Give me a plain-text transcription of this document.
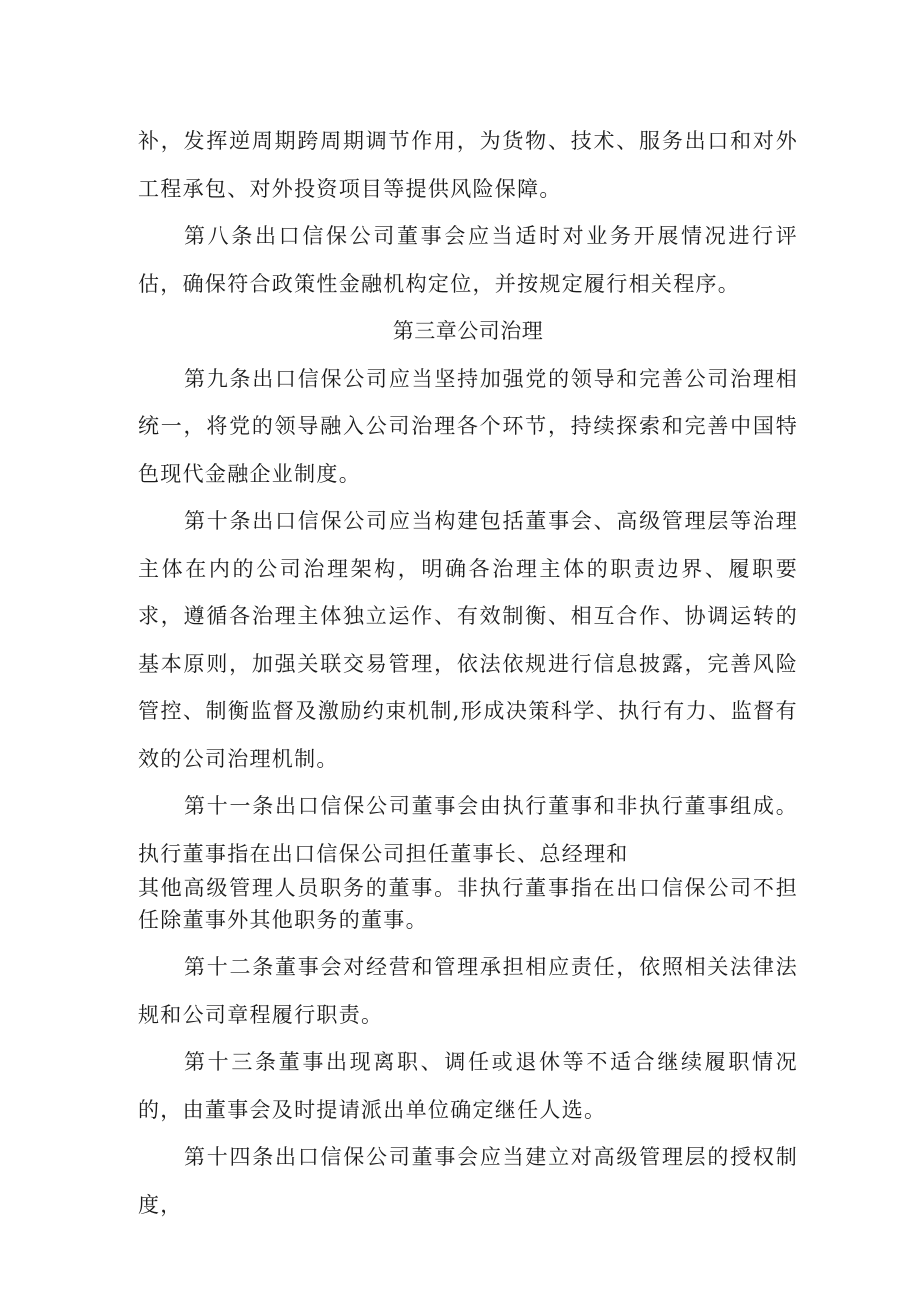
补，发挥逆周期跨周期调节作用，为货物、技术、服务出口和对外工程承包、对外投资项目等提供风险保障。

第八条出口信保公司董事会应当适时对业务开展情况进行评估，确保符合政策性金融机构定位，并按规定履行相关程序。

第三章公司治理

第九条出口信保公司应当坚持加强党的领导和完善公司治理相统一，将党的领导融入公司治理各个环节，持续探索和完善中国特色现代金融企业制度。

第十条出口信保公司应当构建包括董事会、高级管理层等治理主体在内的公司治理架构，明确各治理主体的职责边界、履职要求，遵循各治理主体独立运作、有效制衡、相互合作、协调运转的基本原则，加强关联交易管理，依法依规进行信息披露，完善风险管控、制衡监督及激励约束机制,形成决策科学、执行有力、监督有效的公司治理机制。

第十一条出口信保公司董事会由执行董事和非执行董事组成。执行董事指在出口信保公司担任董事长、总经理和

其他高级管理人员职务的董事。非执行董事指在出口信保公司不担任除董事外其他职务的董事。

第十二条董事会对经营和管理承担相应责任，依照相关法律法规和公司章程履行职责。

第十三条董事出现离职、调任或退休等不适合继续履职情况的，由董事会及时提请派出单位确定继任人选。

第十四条出口信保公司董事会应当建立对高级管理层的授权制度，
